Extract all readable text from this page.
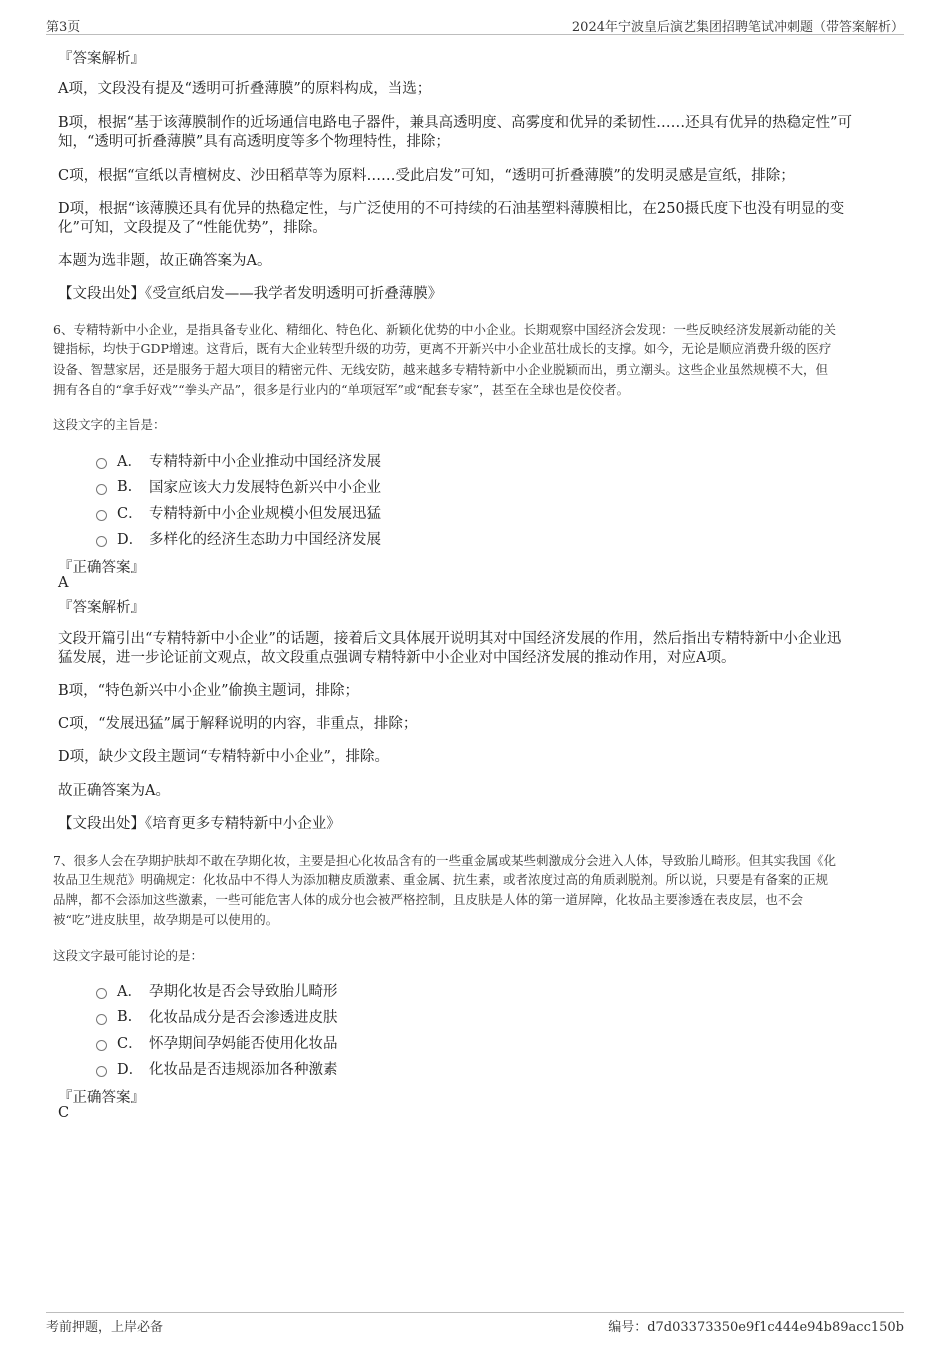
第3页	2024年宁波皇后演艺集团招聘笔试冲刺题（带答案解析）
『答案解析』
A项，文段没有提及“透明可折叠薄膜”的原料构成，当选；
B项，根据“基于该薄膜制作的近场通信电路电子器件，兼具高透明度、高雾度和优异的柔韧性……还具有优异的热稳定性”可
知，“透明可折叠薄膜”具有高透明度等多个物理特性，排除；
C项，根据“宣纸以青檀树皮、沙田稻草等为原料……受此启发”可知，“透明可折叠薄膜”的发明灵感是宣纸，排除；
D项，根据“该薄膜还具有优异的热稳定性，与广泛使用的不可持续的石油基塑料薄膜相比，在250摄氏度下也没有明显的变
化”可知，文段提及了“性能优势”，排除。
本题为选非题，故正确答案为A。
【文段出处】《受宣纸启发——我学者发明透明可折叠薄膜》
6、专精特新中小企业，是指具备专业化、精细化、特色化、新颖化优势的中小企业。长期观察中国经济会发现：一些反映经济发展新动能的关
键指标，均快于GDP增速。这背后，既有大企业转型升级的功劳，更离不开新兴中小企业茁壮成长的支撑。如今，无论是顺应消费升级的医疗
设备、智慧家居，还是服务于超大项目的精密元件、无线安防，越来越多专精特新中小企业脱颖而出，勇立潮头。这些企业虽然规模不大，但
拥有各自的“拿手好戏”“拳头产品”，很多是行业内的“单项冠军”或“配套专家”，甚至在全球也是佼佼者。
这段文字的主旨是：
A． 专精特新中小企业推动中国经济发展
B.	国家应该大力发展特色新兴中小企业
C． 专精特新中小企业规模小但发展迅猛
D． 多样化的经济生态助力中国经济发展
『正确答案』
A
『答案解析』
文段开篇引出“专精特新中小企业”的话题，接着后文具体展开说明其对中国经济发展的作用，然后指出专精特新中小企业迅
猛发展，进一步论证前文观点，故文段重点强调专精特新中小企业对中国经济发展的推动作用，对应A项。
B项，“特色新兴中小企业”偷换主题词，排除；
C项，“发展迅猛”属于解释说明的内容，非重点，排除；
D项，缺少文段主题词“专精特新中小企业”，排除。
故正确答案为A。
【文段出处】《培育更多专精特新中小企业》
7、很多人会在孕期护肤却不敢在孕期化妆，主要是担心化妆品含有的一些重金属或某些刺激成分会进入人体，导致胎儿畸形。但其实我国《化
妆品卫生规范》明确规定：化妆品中不得人为添加糖皮质激素、重金属、抗生素，或者浓度过高的角质剥脱剂。所以说，只要是有备案的正规
品牌，都不会添加这些激素，一些可能危害人体的成分也会被严格控制，且皮肤是人体的第一道屏障，化妆品主要渗透在表皮层，也不会
被“吃”进皮肤里，故孕期是可以使用的。
这段文字最可能讨论的是：
A． 孕期化妆是否会导致胎儿畸形
B.	化妆品成分是否会渗透进皮肤
C． 怀孕期间孕妈能否使用化妆品
D． 化妆品是否违规添加各种激素
『正确答案』
C
考前押题，上岸必备	编号：d7d03373350e9f1c444e94b89acc150b
